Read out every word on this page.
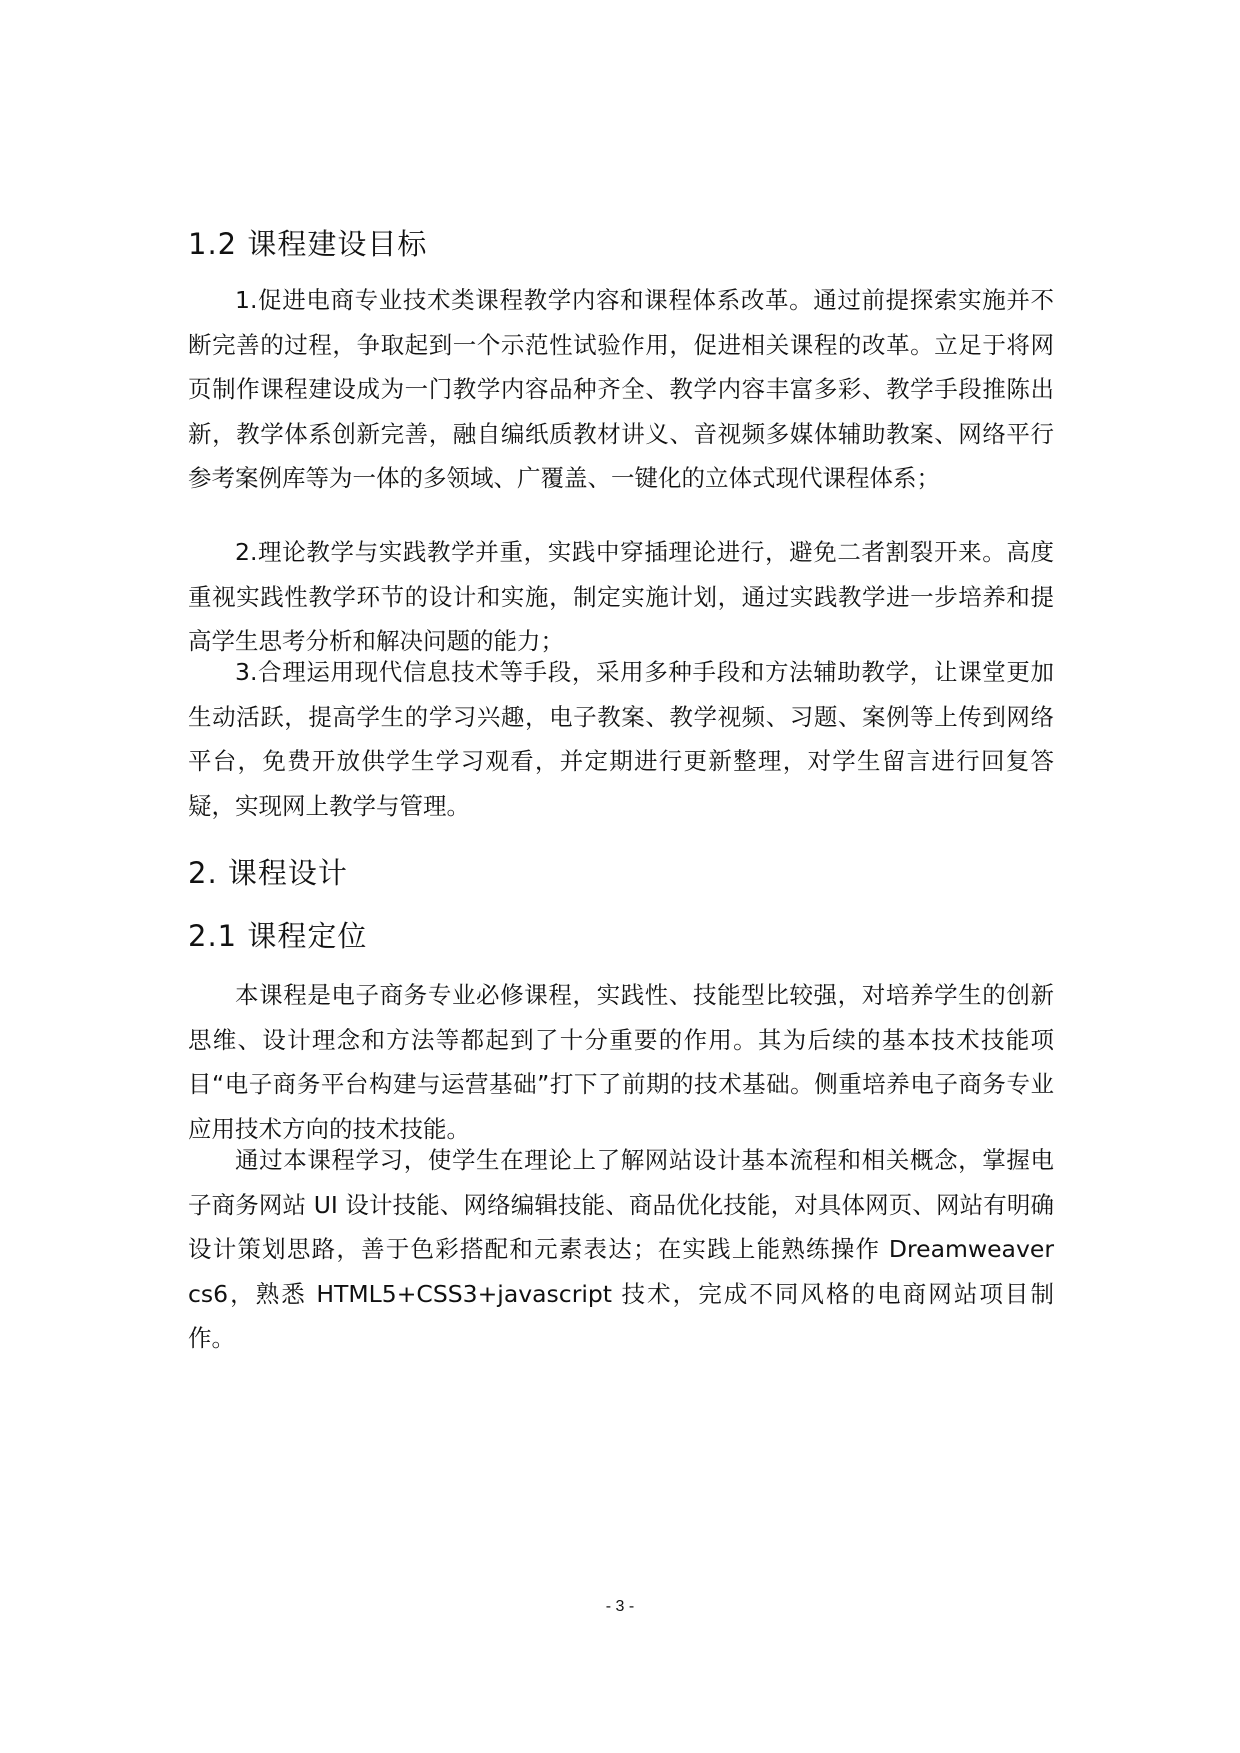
1.2 课程建设目标

1.促进电商专业技术类课程教学内容和课程体系改革。通过前提探索实施并不断完善的过程，争取起到一个示范性试验作用，促进相关课程的改革。立足于将网页制作课程建设成为一门教学内容品种齐全、教学内容丰富多彩、教学手段推陈出新，教学体系创新完善，融自编纸质教材讲义、音视频多媒体辅助教案、网络平行参考案例库等为一体的多领域、广覆盖、一键化的立体式现代课程体系；

2.理论教学与实践教学并重，实践中穿插理论进行，避免二者割裂开来。高度重视实践性教学环节的设计和实施，制定实施计划，通过实践教学进一步培养和提高学生思考分析和解决问题的能力；

3.合理运用现代信息技术等手段，采用多种手段和方法辅助教学，让课堂更加生动活跃，提高学生的学习兴趣，电子教案、教学视频、习题、案例等上传到网络平台，免费开放供学生学习观看，并定期进行更新整理，对学生留言进行回复答疑，实现网上教学与管理。

2. 课程设计
2.1 课程定位

本课程是电子商务专业必修课程，实践性、技能型比较强，对培养学生的创新思维、设计理念和方法等都起到了十分重要的作用。其为后续的基本技术技能项目“电子商务平台构建与运营基础”打下了前期的技术基础。侧重培养电子商务专业应用技术方向的技术技能。

通过本课程学习，使学生在理论上了解网站设计基本流程和相关概念，掌握电子商务网站 UI 设计技能、网络编辑技能、商品优化技能，对具体网页、网站有明确设计策划思路，善于色彩搭配和元素表达；在实践上能熟练操作 Dreamweaver cs6，熟悉 HTML5+CSS3+javascript 技术，完成不同风格的电商网站项目制作。

- 3 -
